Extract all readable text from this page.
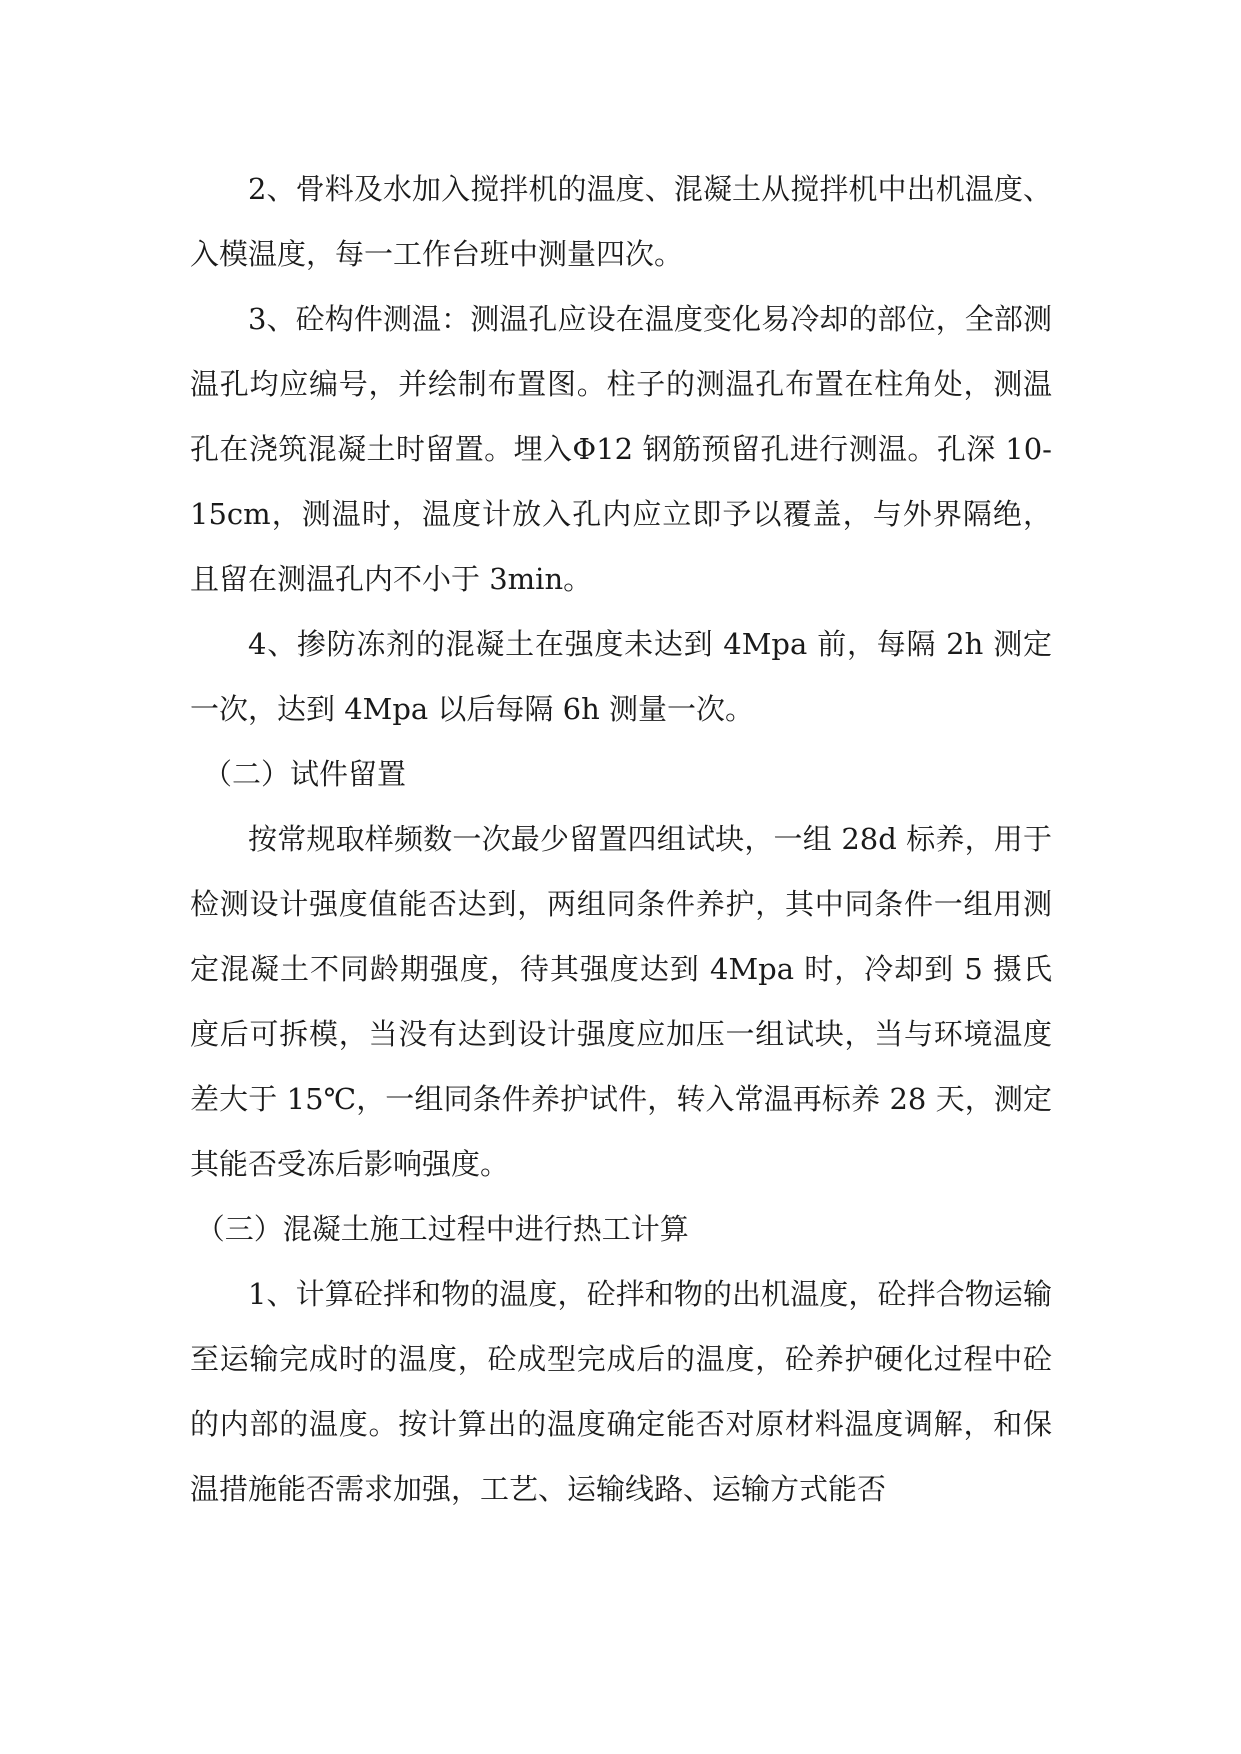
2、骨料及水加入搅拌机的温度、混凝土从搅拌机中出机温度、入模温度，每一工作台班中测量四次。

3、砼构件测温：测温孔应设在温度变化易冷却的部位，全部测温孔均应编号，并绘制布置图。柱子的测温孔布置在柱角处，测温孔在浇筑混凝土时留置。埋入Φ12 钢筋预留孔进行测温。孔深 10-15cm，测温时，温度计放入孔内应立即予以覆盖，与外界隔绝，且留在测温孔内不小于 3min。

4、掺防冻剂的混凝土在强度未达到 4Mpa 前，每隔 2h 测定一次，达到 4Mpa 以后每隔 6h 测量一次。

（二）试件留置

按常规取样频数一次最少留置四组试块，一组 28d 标养，用于检测设计强度值能否达到，两组同条件养护，其中同条件一组用测定混凝土不同龄期强度，待其强度达到 4Mpa 时，冷却到 5 摄氏度后可拆模，当没有达到设计强度应加压一组试块，当与环境温度差大于 15℃，一组同条件养护试件，转入常温再标养 28 天，测定其能否受冻后影响强度。

（三）混凝土施工过程中进行热工计算

1、计算砼拌和物的温度，砼拌和物的出机温度，砼拌合物运输至运输完成时的温度，砼成型完成后的温度，砼养护硬化过程中砼的内部的温度。按计算出的温度确定能否对原材料温度调解，和保温措施能否需求加强，工艺、运输线路、运输方式能否
